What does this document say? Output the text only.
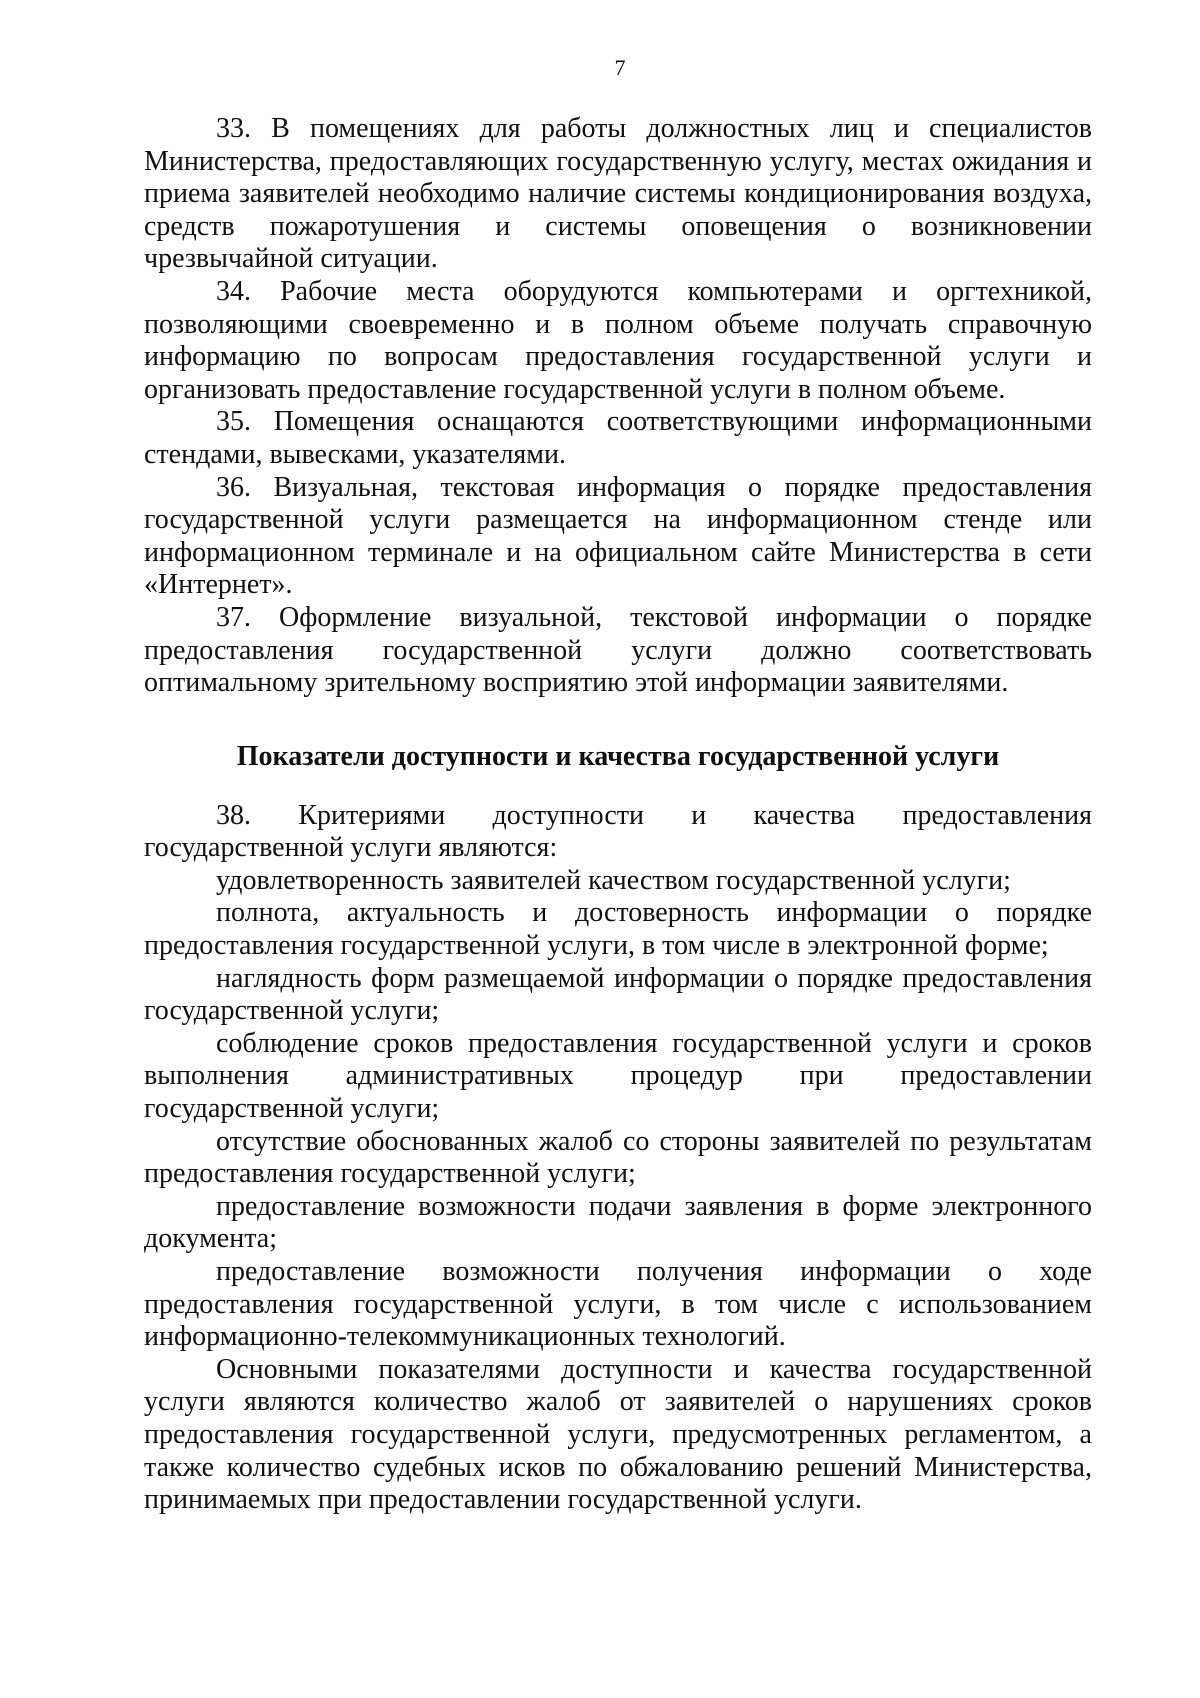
7

33. В помещениях для работы должностных лиц и специалистов Министерства, предоставляющих государственную услугу, местах ожидания и приема заявителей необходимо наличие системы кондиционирования воздуха, средств пожаротушения и системы оповещения о возникновении чрезвычайной ситуации.

34. Рабочие места оборудуются компьютерами и оргтехникой, позволяющими своевременно и в полном объеме получать справочную информацию по вопросам предоставления государственной услуги и организовать предоставление государственной услуги в полном объеме.

35. Помещения оснащаются соответствующими информационными стендами, вывесками, указателями.

36. Визуальная, текстовая информация о порядке предоставления государственной услуги размещается на информационном стенде или информационном терминале и на официальном сайте Министерства в сети «Интернет».

37. Оформление визуальной, текстовой информации о порядке предоставления государственной услуги должно соответствовать оптимальному зрительному восприятию этой информации заявителями.

Показатели доступности и качества государственной услуги

38. Критериями доступности и качества предоставления государственной услуги являются:

удовлетворенность заявителей качеством государственной услуги;

полнота, актуальность и достоверность информации о порядке предоставления государственной услуги, в том числе в электронной форме;

наглядность форм размещаемой информации о порядке предоставления государственной услуги;

соблюдение сроков предоставления государственной услуги и сроков выполнения административных процедур при предоставлении государственной услуги;

отсутствие обоснованных жалоб со стороны заявителей по результатам предоставления государственной услуги;

предоставление возможности подачи заявления в форме электронного документа;

предоставление возможности получения информации о ходе предоставления государственной услуги, в том числе с использованием информационно-телекоммуникационных технологий.

Основными показателями доступности и качества государственной услуги являются количество жалоб от заявителей о нарушениях сроков предоставления государственной услуги, предусмотренных регламентом, а также количество судебных исков по обжалованию решений Министерства, принимаемых при предоставлении государственной услуги.
